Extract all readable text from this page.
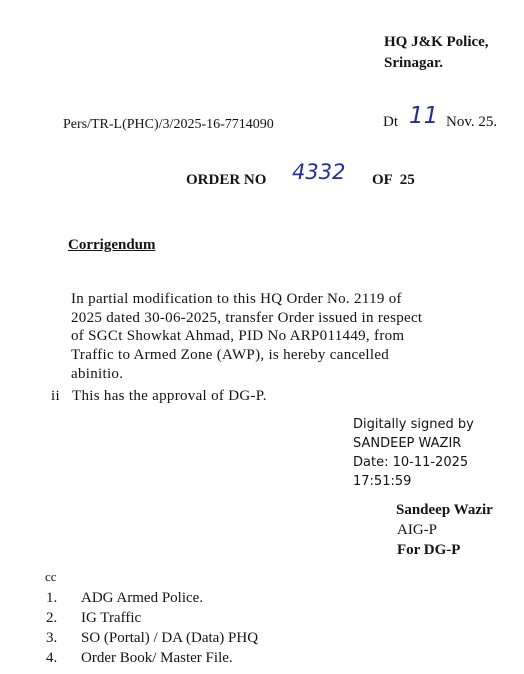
HQ J&K Police,
Srinagar.
Pers/TR-L(PHC)/3/2025-16-7714090	Dt 11 Nov. 25.
ORDER NO 4332 OF  25
Corrigendum
In partial modification to this HQ Order No. 2119 of
2025 dated 30-06-2025, transfer Order issued in respect
of SGCt Showkat Ahmad, PID No ARP011449, from
Traffic to Armed Zone (AWP), is hereby cancelled
abinitio.
ii This has the approval of DG-P.
Digitally signed by
SANDEEP WAZIR
Date: 10-11-2025
17:51:59
Sandeep Wazir
AIG-P
For DG-P
cc
1. ADG Armed Police.
2. IG Traffic
3. SO (Portal) / DA (Data) PHQ
4. Order Book/ Master File.
